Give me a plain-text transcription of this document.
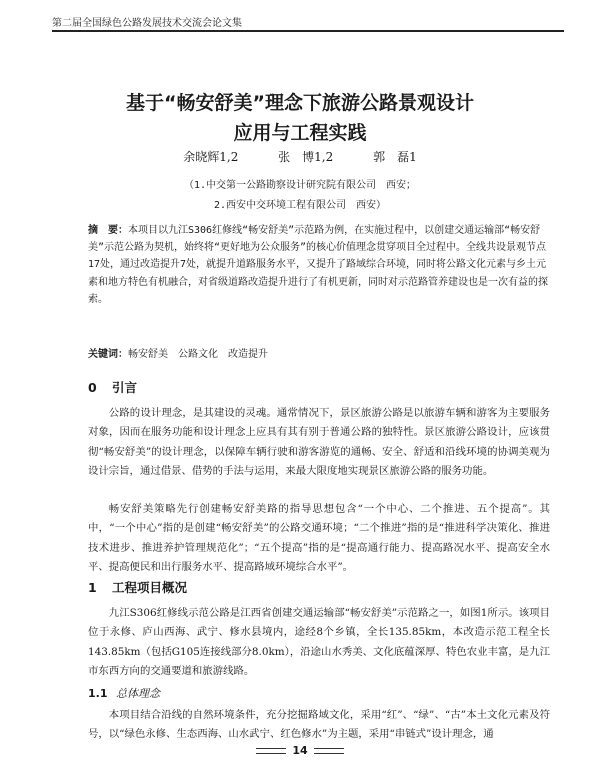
第二届全国绿色公路发展技术交流会论文集
基于“畅安舒美”理念下旅游公路景观设计
应用与工程实践
余晓辉1,2	张　博1,2	郭　磊1
（1.中交第一公路勘察设计研究院有限公司　西安；
2.西安中交环境工程有限公司　西安）
摘　要：本项目以九江S306红修线“畅安舒美”示范路为例，在实施过程中，以创建交通运输部“畅安舒美”示范公路为契机，始终将“更好地为公众服务”的核心价值理念贯穿项目全过程中。全线共设景观节点17处，通过改造提升7处，就提升道路服务水平，又提升了路域综合环境，同时将公路文化元素与乡土元素和地方特色有机融合，对省级道路改造提升进行了有机更新，同时对示范路管养建设也是一次有益的探索。
关键词：畅安舒美　公路文化　改造提升
0 引言
公路的设计理念，是其建设的灵魂。通常情况下，景区旅游公路是以旅游车辆和游客为主要服务对象，因而在服务功能和设计理念上应具有其有别于普通公路的独特性。景区旅游公路设计，应该贯彻“畅安舒美”的设计理念，以保障车辆行驶和游客游览的通畅、安全、舒适和沿线环境的协调美观为设计宗旨，通过借景、借势的手法与运用，来最大限度地实现景区旅游公路的服务功能。
畅安舒美策略先行创建畅安舒美路的指导思想包含“一个中心、二个推进、五个提高”。其中，“一个中心”指的是创建“畅安舒美”的公路交通环境；“二个推进”指的是“推进科学决策化、推进技术进步、推进养护管理规范化”；“五个提高”指的是“提高通行能力、提高路况水平、提高安全水平、提高便民和出行服务水平、提高路域环境综合水平”。
1 工程项目概况
九江S306红修线示范公路是江西省创建交通运输部“畅安舒美”示范路之一，如图1所示。该项目位于永修、庐山西海、武宁、修水县境内，途经8个乡镇，全长135.85km，本改造示范工程全长143.85km（包括G105连接线部分8.0km），沿途山水秀美、文化底蕴深厚、特色农业丰富，是九江市东西方向的交通要道和旅游线路。
1.1 总体理念
本项目结合沿线的自然环境条件，充分挖掘路域文化，采用“红”、“绿”、“古”本土文化元素及符号，以“绿色永修、生态西海、山水武宁、红色修水”为主题，采用“串链式”设计理念，通
14
